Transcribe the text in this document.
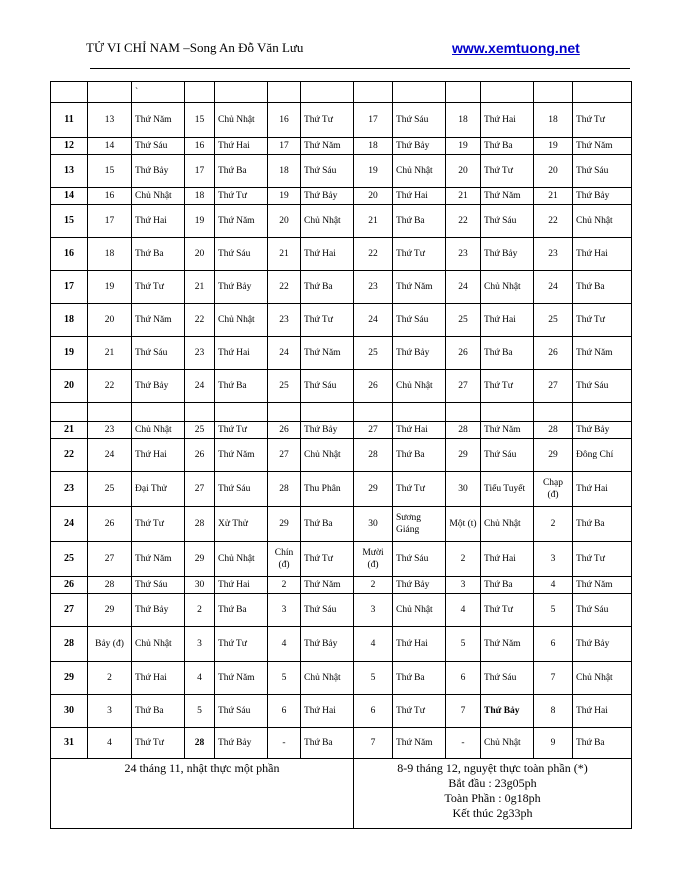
TỬ VI CHỈ NAM –Song An Đỗ Văn Lưu	www.xemtuong.net
		`										
11	13	Thứ Năm	15	Chủ Nhật	16	Thứ Tư	17	Thứ Sáu	18	Thứ Hai	18	Thứ Tư
12	14	Thứ Sáu	16	Thứ Hai	17	Thứ Năm	18	Thứ Bảy	19	Thứ Ba	19	Thứ Năm
13	15	Thứ Bảy	17	Thứ Ba	18	Thứ Sáu	19	Chủ Nhật	20	Thứ Tư	20	Thứ Sáu
14	16	Chủ Nhật	18	Thứ Tư	19	Thứ Bảy	20	Thứ Hai	21	Thứ Năm	21	Thứ Bảy
15	17	Thứ Hai	19	Thứ Năm	20	Chủ Nhật	21	Thứ Ba	22	Thứ Sáu	22	Chủ Nhật
16	18	Thứ Ba	20	Thứ Sáu	21	Thứ Hai	22	Thứ Tư	23	Thứ Bảy	23	Thứ Hai
17	19	Thứ Tư	21	Thứ Bảy	22	Thứ Ba	23	Thứ Năm	24	Chủ Nhật	24	Thứ Ba
18	20	Thứ Năm	22	Chủ Nhật	23	Thứ Tư	24	Thứ Sáu	25	Thứ Hai	25	Thứ Tư
19	21	Thứ Sáu	23	Thứ Hai	24	Thứ Năm	25	Thứ Bảy	26	Thứ Ba	26	Thứ Năm
20	22	Thứ Bảy	24	Thứ Ba	25	Thứ Sáu	26	Chủ Nhật	27	Thứ Tư	27	Thứ Sáu

21	23	Chủ Nhật	25	Thứ Tư	26	Thứ Bảy	27	Thứ Hai	28	Thứ Năm	28	Thứ Bảy
22	24	Thứ Hai	26	Thứ Năm	27	Chủ Nhật	28	Thứ Ba	29	Thứ Sáu	29	Đông Chí
23	25	Đại Thử	27	Thứ Sáu	28	Thu Phân	29	Thứ Tư	30	Tiểu Tuyết	Chạp (đ)	Thứ Hai
24	26	Thứ Tư	28	Xử Thử	29	Thứ Ba	30	Sương Giáng	Một (t)	Chủ Nhật	2	Thứ Ba
25	27	Thứ Năm	29	Chủ Nhật	Chín (đ)	Thứ Tư	Mười (đ)	Thứ Sáu	2	Thứ Hai	3	Thứ Tư
26	28	Thứ Sáu	30	Thứ Hai	2	Thứ Năm	2	Thứ Bảy	3	Thứ Ba	4	Thứ Năm
27	29	Thứ Bảy	2	Thứ Ba	3	Thứ Sáu	3	Chủ Nhật	4	Thứ Tư	5	Thứ Sáu
28	Bảy (đ)	Chủ Nhật	3	Thứ Tư	4	Thứ Bảy	4	Thứ Hai	5	Thứ Năm	6	Thứ Bảy
29	2	Thứ Hai	4	Thứ Năm	5	Chủ Nhật	5	Thứ Ba	6	Thứ Sáu	7	Chủ Nhật
30	3	Thứ Ba	5	Thứ Sáu	6	Thứ Hai	6	Thứ Tư	7	Thứ Bảy	8	Thứ Hai
31	4	Thứ Tư	28	Thứ Bảy	-	Thứ Ba	7	Thứ Năm	-	Chủ Nhật	9	Thứ Ba
24 tháng 11, nhật thực một phần							8-9 tháng 12, nguyệt thực toàn phần (*)
Bắt đầu : 23g05ph
Toàn Phần : 0g18ph
Kết thúc 2g33ph					
